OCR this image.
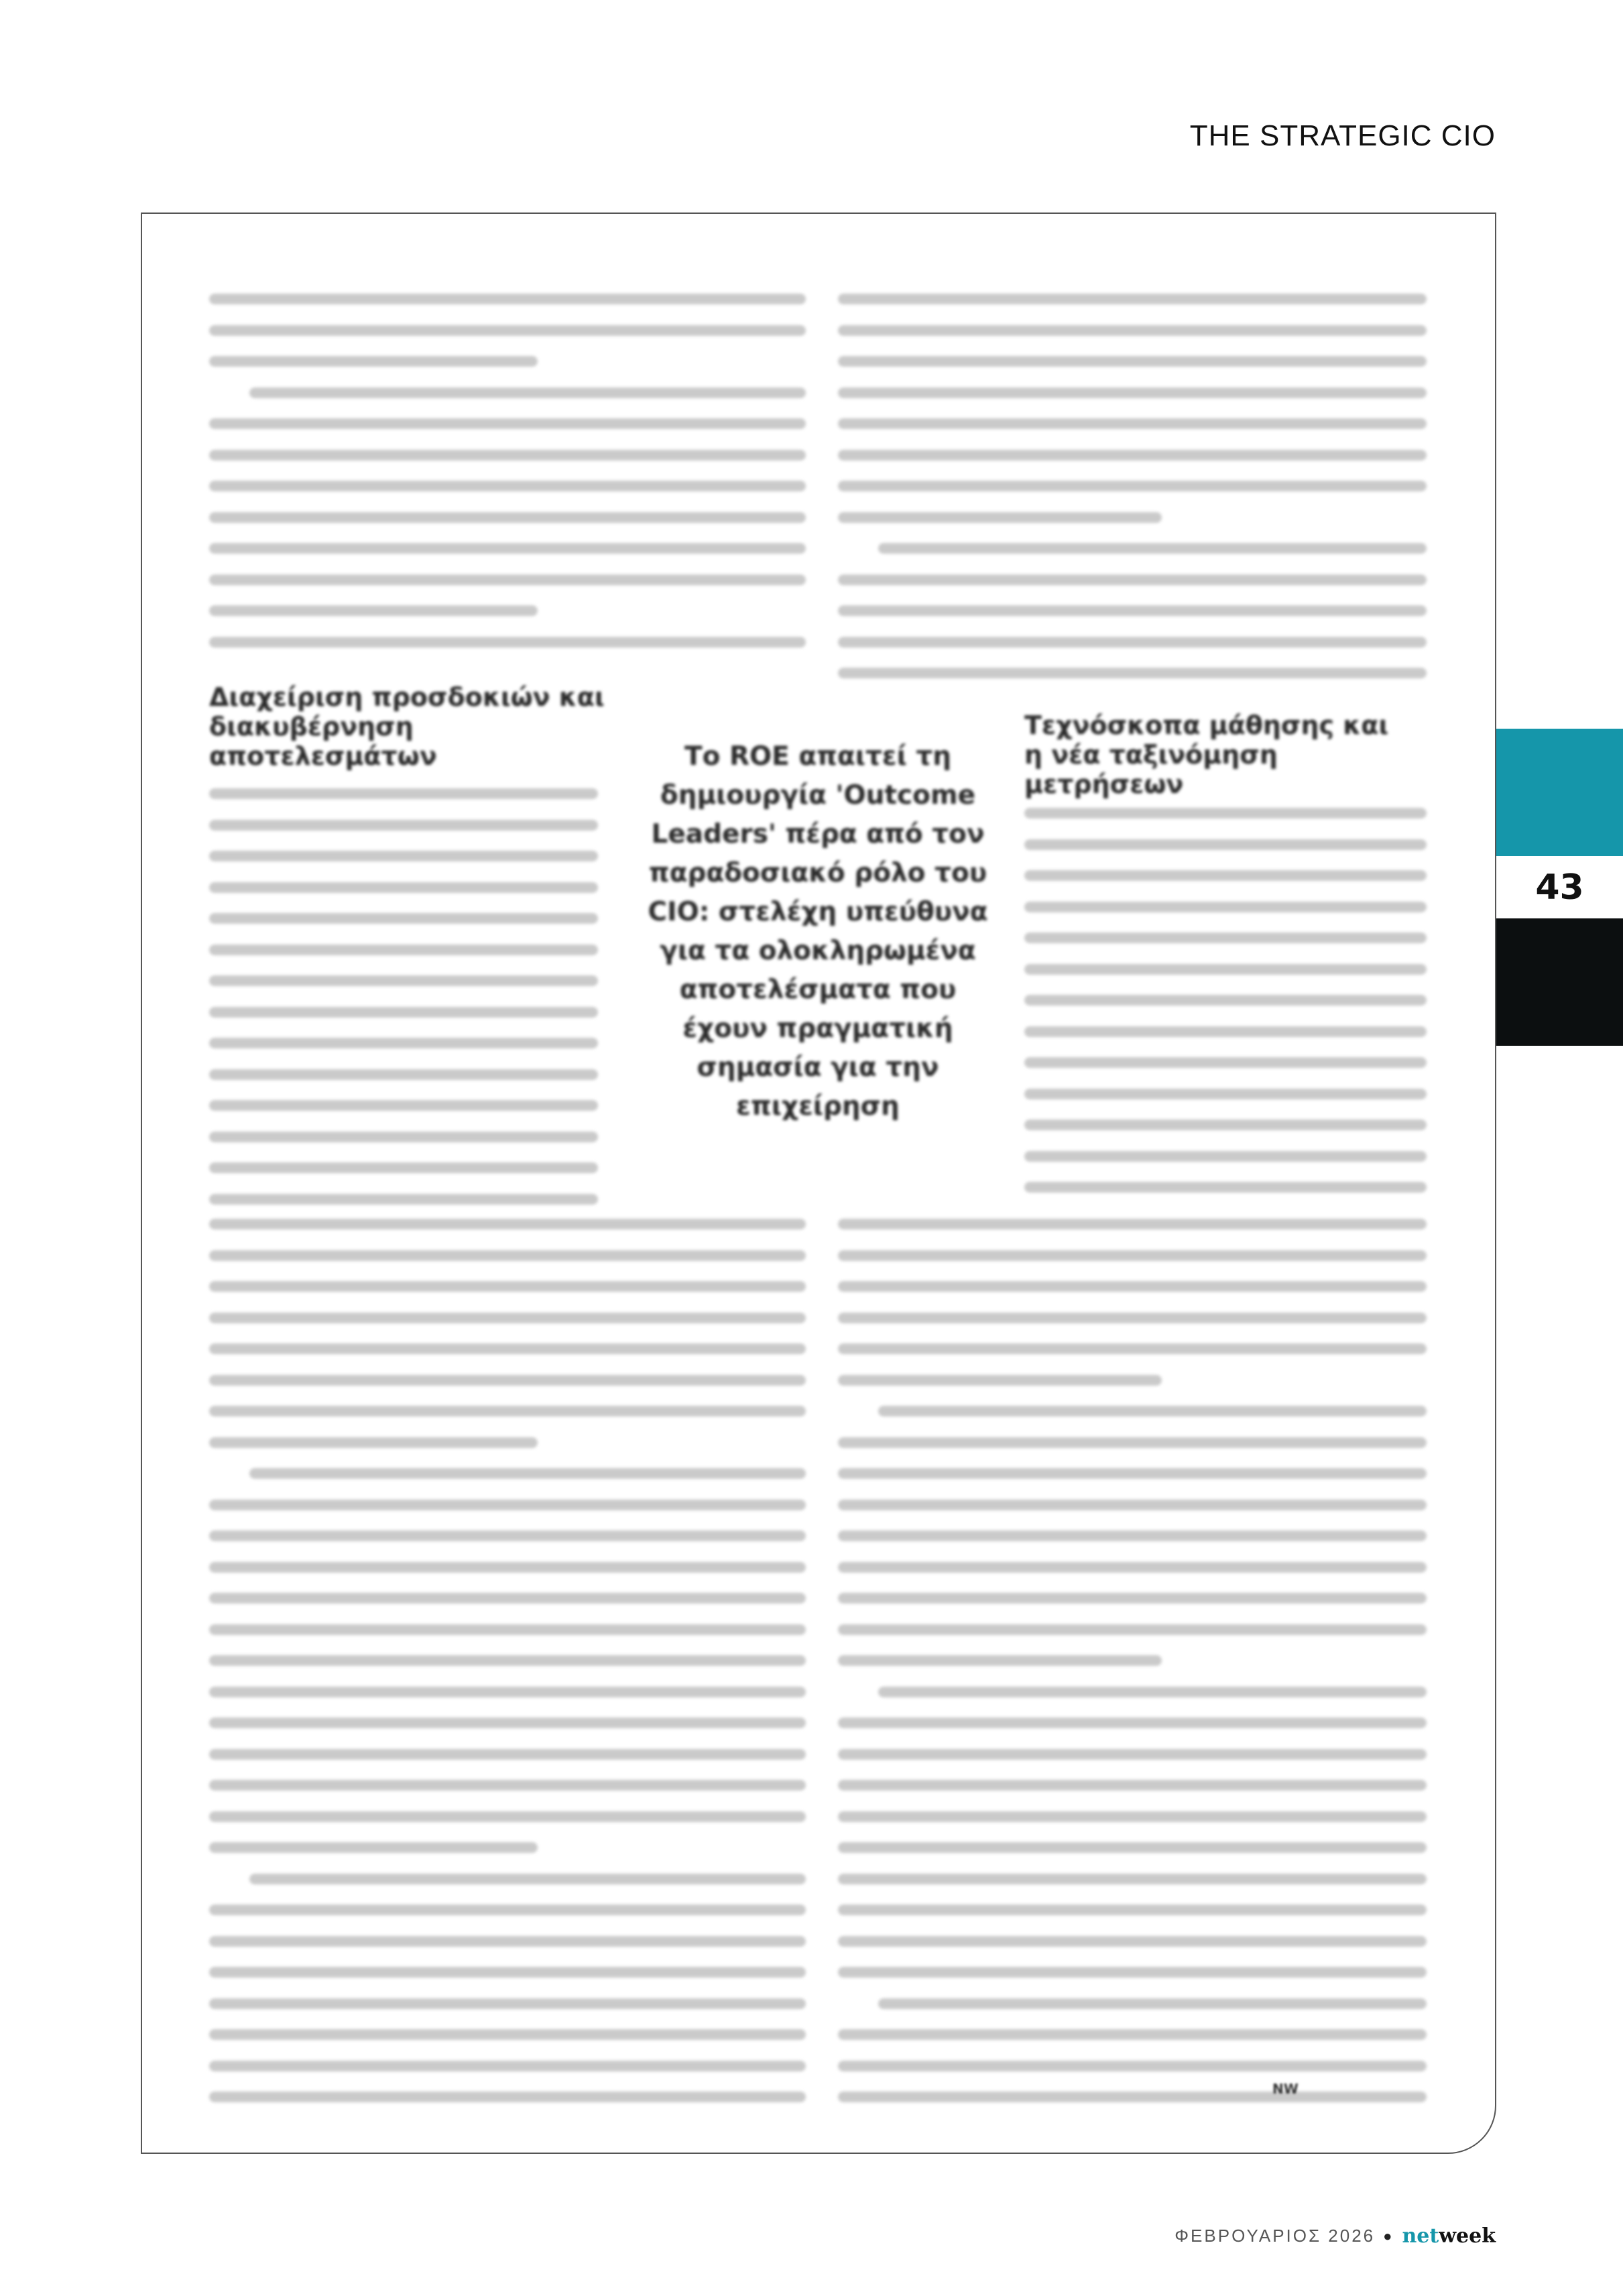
THE STRATEGIC CIO
43
Διαχείριση προσδοκιών και διακυβέρνηση αποτελεσμάτων
Τεχνόσκοπα μάθησης και η νέα ταξινόμηση μετρήσεων
Το ROE απαιτεί τη δημιουργία 'Outcome Leaders' πέρα από τον παραδοσιακό ρόλο του CIO: στελέχη υπεύθυνα για τα ολοκληρωμένα αποτελέσματα που έχουν πραγματική σημασία για την επιχείρηση
NW
ΦΕΒΡΟΥΑΡΙΟΣ 2026 ● netweek
